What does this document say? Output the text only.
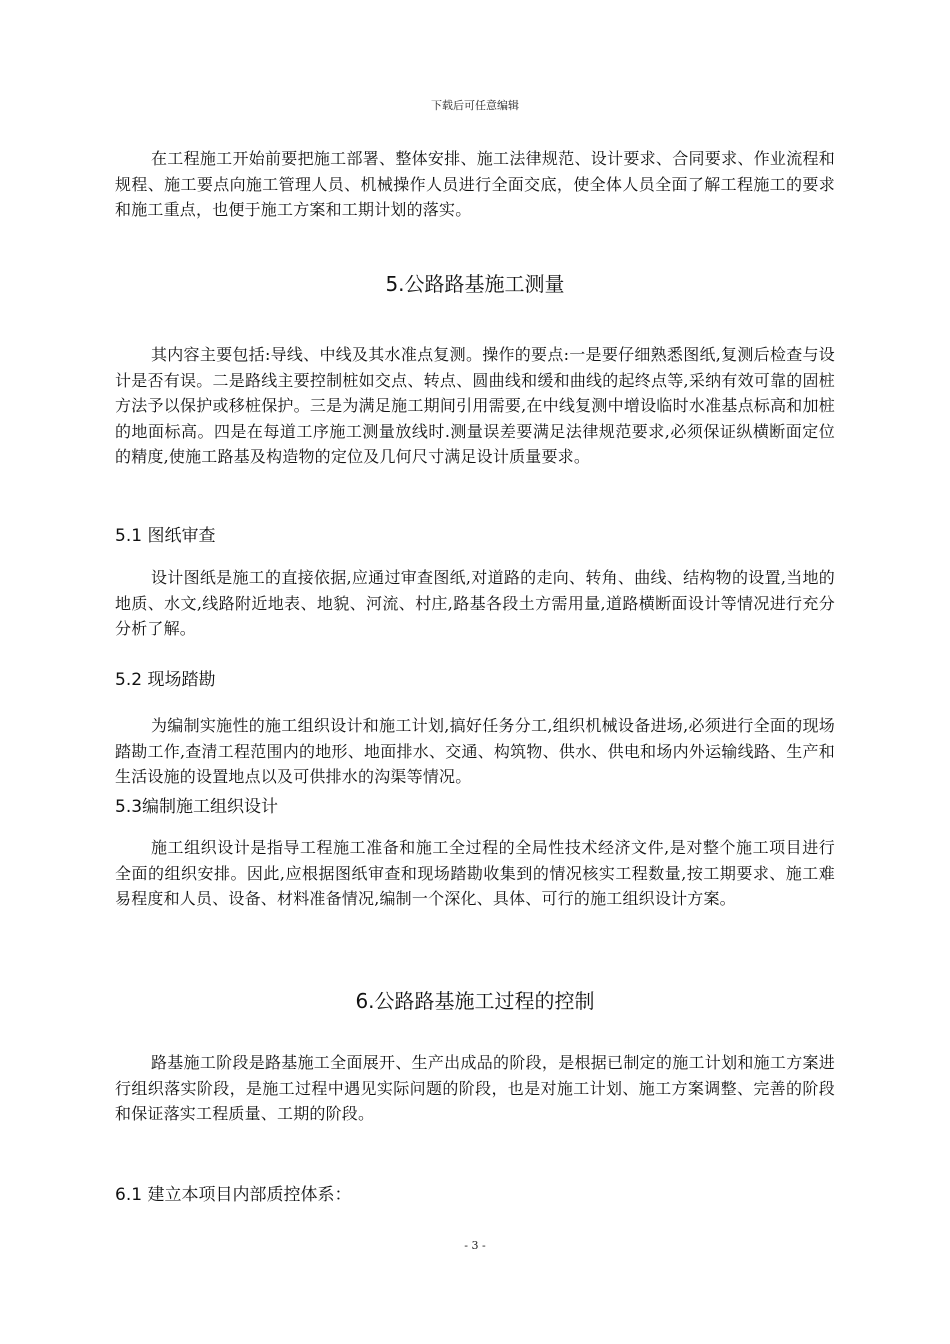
下载后可任意编辑

在工程施工开始前要把施工部署、整体安排、施工法律规范、设计要求、合同要求、作业流程和规程、施工要点向施工管理人员、机械操作人员进行全面交底，使全体人员全面了解工程施工的要求和施工重点，也便于施工方案和工期计划的落实。

5.公路路基施工测量

其内容主要包括:导线、中线及其水准点复测。操作的要点:一是要仔细熟悉图纸,复测后检查与设计是否有误。二是路线主要控制桩如交点、转点、圆曲线和缓和曲线的起终点等,采纳有效可靠的固桩方法予以保护或移桩保护。三是为满足施工期间引用需要,在中线复测中增设临时水准基点标高和加桩的地面标高。四是在每道工序施工测量放线时.测量误差要满足法律规范要求,必须保证纵横断面定位的精度,使施工路基及构造物的定位及几何尺寸满足设计质量要求。

5.1 图纸审查

设计图纸是施工的直接依据,应通过审查图纸,对道路的走向、转角、曲线、结构物的设置,当地的地质、水文,线路附近地表、地貌、河流、村庄,路基各段土方需用量,道路横断面设计等情况进行充分分析了解。

5.2 现场踏勘

为编制实施性的施工组织设计和施工计划,搞好任务分工,组织机械设备进场,必须进行全面的现场踏勘工作,查清工程范围内的地形、地面排水、交通、构筑物、供水、供电和场内外运输线路、生产和生活设施的设置地点以及可供排水的沟渠等情况。

5.3编制施工组织设计

施工组织设计是指导工程施工准备和施工全过程的全局性技术经济文件,是对整个施工项目进行全面的组织安排。因此,应根据图纸审查和现场踏勘收集到的情况核实工程数量,按工期要求、施工难易程度和人员、设备、材料准备情况,编制一个深化、具体、可行的施工组织设计方案。

6.公路路基施工过程的控制

路基施工阶段是路基施工全面展开、生产出成品的阶段，是根据已制定的施工计划和施工方案进行组织落实阶段，是施工过程中遇见实际问题的阶段，也是对施工计划、施工方案调整、完善的阶段和保证落实工程质量、工期的阶段。

6.1 建立本项目内部质控体系：
- 3 -
